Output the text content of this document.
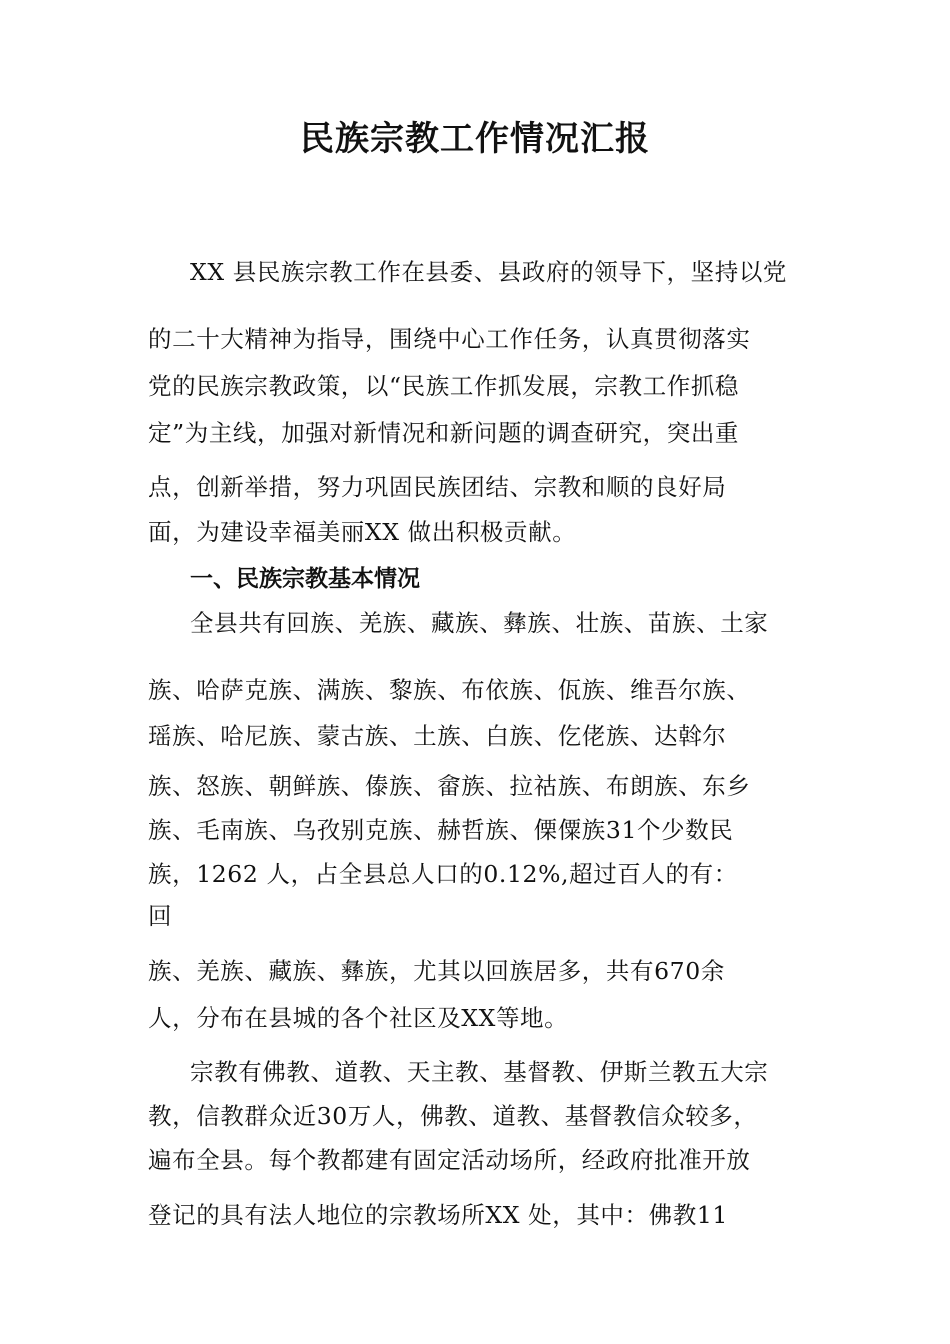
民族宗教工作情况汇报

XX 县民族宗教工作在县委、县政府的领导下，坚持以党

的二十大精神为指导，围绕中心工作任务，认真贯彻落实

党的民族宗教政策，以“民族工作抓发展，宗教工作抓稳

定”为主线，加强对新情况和新问题的调查研究，突出重

点，创新举措，努力巩固民族团结、宗教和顺的良好局

面，为建设幸福美丽XX 做出积极贡献。

一、民族宗教基本情况

全县共有回族、羌族、藏族、彝族、壮族、苗族、土家

族、哈萨克族、满族、黎族、布依族、佤族、维吾尔族、

瑶族、哈尼族、蒙古族、土族、白族、仡佬族、达斡尔

族、怒族、朝鲜族、傣族、畲族、拉祜族、布朗族、东乡

族、毛南族、乌孜别克族、赫哲族、傈僳族31个少数民

族，1262 人，占全县总人口的0.12%,超过百人的有：

回

族、羌族、藏族、彝族，尤其以回族居多，共有670余

人，分布在县城的各个社区及XX等地。

宗教有佛教、道教、天主教、基督教、伊斯兰教五大宗

教，信教群众近30万人，佛教、道教、基督教信众较多，

遍布全县。每个教都建有固定活动场所，经政府批准开放

登记的具有法人地位的宗教场所XX 处，其中：佛教11
